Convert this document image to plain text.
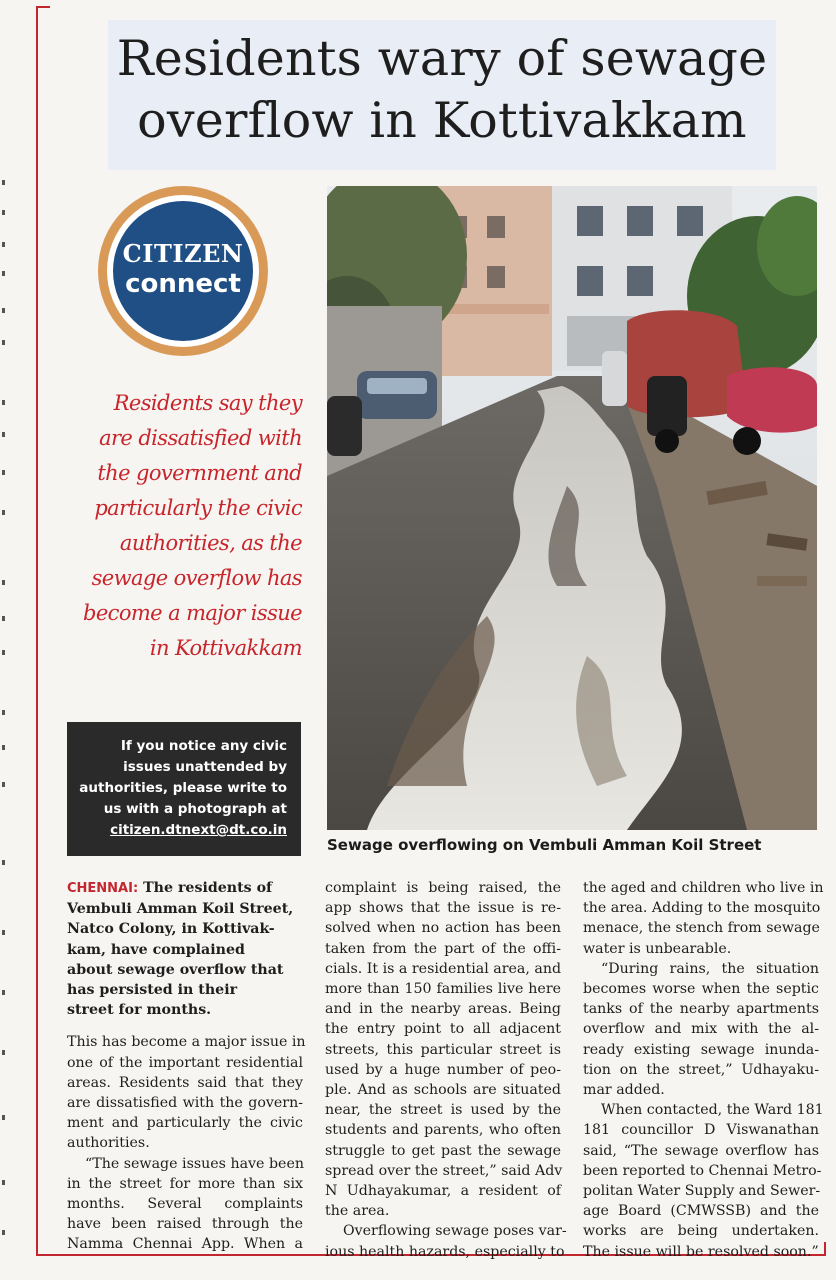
Residents wary of sewage
overflow in Kottivakkam
CITIZEN
connect
Residents say they
are dissatisfied with
the government and
particularly the civic
authorities, as the
sewage overflow has
become a major issue
in Kottivakkam
Sewage overflowing on Vembuli Amman Koil Street
If you notice any civic
issues unattended by
authorities, please write to
us with a photograph at
citizen.dtnext@dt.co.in
CHENNAI: The residents of
Vembuli Amman Koil Street,
Natco Colony, in Kottivak-
kam, have complained
about sewage overflow that
has persisted in their
street for months.
This has become a major issue in
one of the important residential
areas. Residents said that they
are dissatisfied with the govern-
ment and particularly the civic
authorities.
“The sewage issues have been
in the street for more than six
months. Several complaints
have been raised through the
Namma Chennai App. When a
complaint is being raised, the
app shows that the issue is re-
solved when no action has been
taken from the part of the offi-
cials. It is a residential area, and
more than 150 families live here
and in the nearby areas. Being
the entry point to all adjacent
streets, this particular street is
used by a huge number of peo-
ple. And as schools are situated
near, the street is used by the
students and parents, who often
struggle to get past the sewage
spread over the street,” said Adv
N Udhayakumar, a resident of
the area.
Overflowing sewage poses var-
ious health hazards, especially to
the aged and children who live in
the area. Adding to the mosquito
menace, the stench from sewage
water is unbearable.
“During rains, the situation
becomes worse when the septic
tanks of the nearby apartments
overflow and mix with the al-
ready existing sewage inunda-
tion on the street,” Udhayaku-
mar added.
When contacted, the Ward 181
181 councillor D Viswanathan
said, “The sewage overflow has
been reported to Chennai Metro-
politan Water Supply and Sewer-
age Board (CMWSSB) and the
works are being undertaken.
The issue will be resolved soon.”
